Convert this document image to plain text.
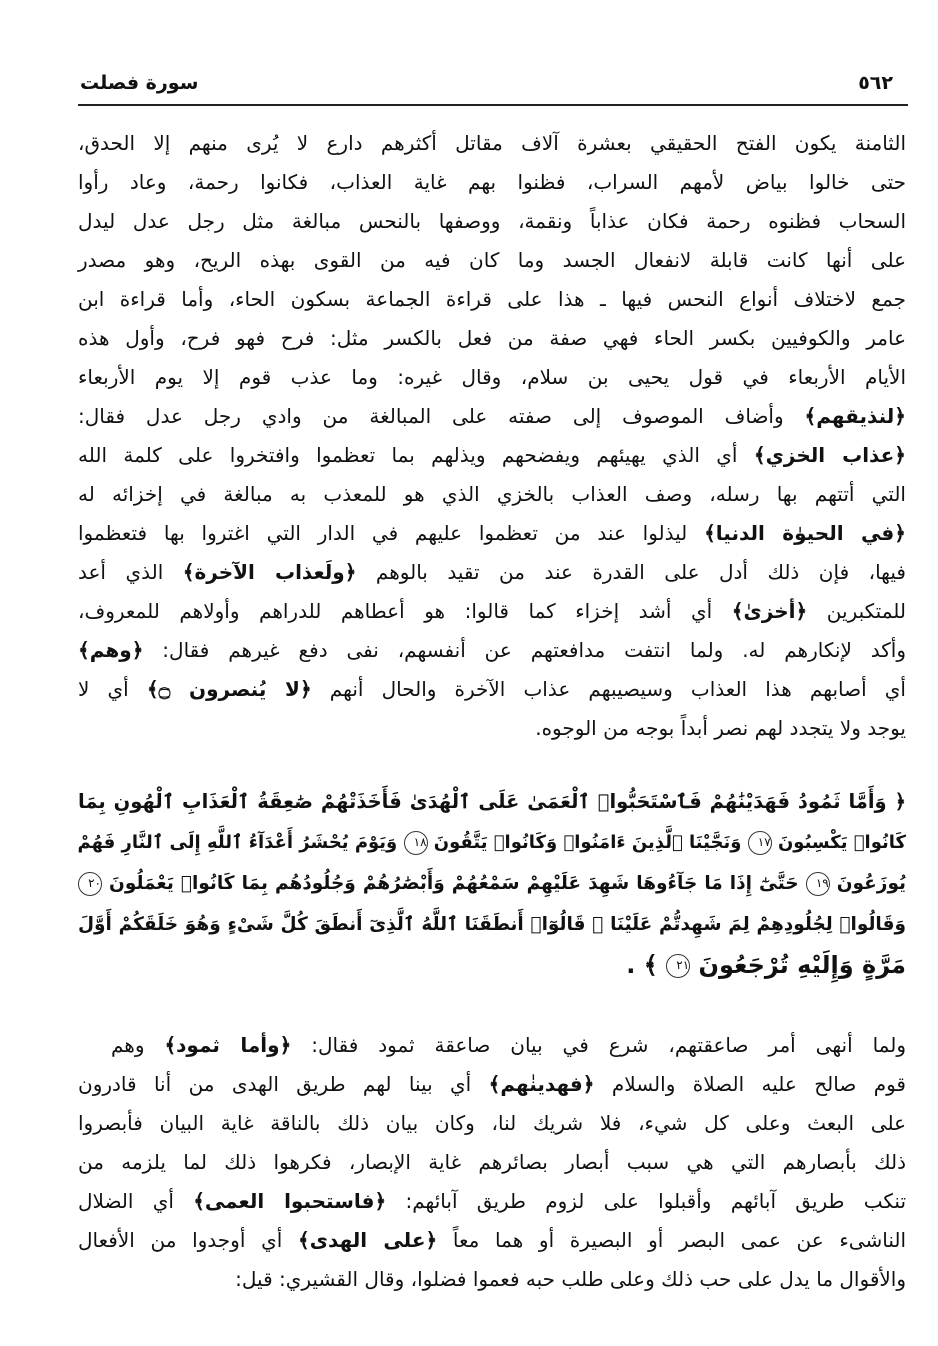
٥٦٢
سورة فصلت
الثامنة يكون الفتح الحقيقي بعشرة آلاف مقاتل أكثرهم دارع لا يُرى منهم إلا الحدق،
حتى خالوا بياض لأمهم السراب، فظنوا بهم غاية العذاب، فكانوا رحمة، وعاد رأوا
السحاب فظنوه رحمة فكان عذاباً ونقمة، ووصفها بالنحس مبالغة مثل رجل عدل ليدل
على أنها كانت قابلة لانفعال الجسد وما كان فيه من القوى بهذه الريح، وهو مصدر
جمع لاختلاف أنواع النحس فيها ـ هذا على قراءة الجماعة بسكون الحاء، وأما قراءة ابن
عامر والكوفيين بكسر الحاء فهي صفة من فعل بالكسر مثل: فرح فهو فرح، وأول هذه
الأيام الأربعاء في قول يحيى بن سلام، وقال غيره: وما عذب قوم إلا يوم الأربعاء
﴿لنذيقهم﴾ وأضاف الموصوف إلى صفته على المبالغة من وادي رجل عدل فقال:
﴿عذاب الخزي﴾ أي الذي يهيئهم ويفضحهم ويذلهم بما تعظموا وافتخروا على كلمة الله
التي أتتهم بها رسله، وصف العذاب بالخزي الذي هو للمعذب به مبالغة في إخزائه له
﴿في الحيوٰة الدنيا﴾ ليذلوا عند من تعظموا عليهم في الدار التي اغتروا بها فتعظموا
فيها، فإن ذلك أدل على القدرة عند من تقيد بالوهم ﴿ولَعذاب الآخرة﴾ الذي أعد
للمتكبرين ﴿أخزىٰ﴾ أي أشد إخزاء كما قالوا: هو أعطاهم للدراهم وأولاهم للمعروف،
وأكد لإنكارهم له. ولما انتفت مدافعتهم عن أنفسهم، نفى دفع غيرهم فقال: ﴿وهم﴾
أي أصابهم هذا العذاب وسيصيبهم عذاب الآخرة والحال أنهم ﴿لا يُنصرون ۝﴾ أي لا
يوجد ولا يتجدد لهم نصر أبداً بوجه من الوجوه.
﴿ وَأَمَّا ثَمُودُ فَهَدَيْنَٰهُمْ فَٱسْتَحَبُّوا۟ ٱلْعَمَىٰ عَلَى ٱلْهُدَىٰ فَأَخَذَتْهُمْ صَٰعِقَةُ ٱلْعَذَابِ ٱلْهُونِ بِمَا
كَانُوا۟ يَكْسِبُونَ ١٧ وَنَجَّيْنَا ٱلَّذِينَ ءَامَنُوا۟ وَكَانُوا۟ يَتَّقُونَ ١٨ وَيَوْمَ يُحْشَرُ أَعْدَآءُ ٱللَّهِ إِلَى ٱلنَّارِ فَهُمْ
يُوزَعُونَ ١٩ حَتَّىٰٓ إِذَا مَا جَآءُوهَا شَهِدَ عَلَيْهِمْ سَمْعُهُمْ وَأَبْصَٰرُهُمْ وَجُلُودُهُم بِمَا كَانُوا۟ يَعْمَلُونَ ٢٠
وَقَالُوا۟ لِجُلُودِهِمْ لِمَ شَهِدتُّمْ عَلَيْنَا ۖ قَالُوٓا۟ أَنطَقَنَا ٱللَّهُ ٱلَّذِىٓ أَنطَقَ كُلَّ شَىْءٍ وَهُوَ خَلَقَكُمْ أَوَّلَ
مَرَّةٍ وَإِلَيْهِ تُرْجَعُونَ ٢١ ﴾ .
ولما أنهى أمر صاعقتهم، شرع في بيان صاعقة ثمود فقال: ﴿وأما ثمود﴾ وهم
قوم صالح عليه الصلاة والسلام ﴿فهدينٰهم﴾ أي بينا لهم طريق الهدى من أنا قادرون
على البعث وعلى كل شيء، فلا شريك لنا، وكان بيان ذلك بالناقة غاية البيان فأبصروا
ذلك بأبصارهم التي هي سبب أبصار بصائرهم غاية الإبصار، فكرهوا ذلك لما يلزمه من
تنكب طريق آبائهم وأقبلوا على لزوم طريق آبائهم: ﴿فاستحبوا العمى﴾ أي الضلال
الناشىء عن عمى البصر أو البصيرة أو هما معاً ﴿على الهدى﴾ أي أوجدوا من الأفعال
والأقوال ما يدل على حب ذلك وعلى طلب حبه فعموا فضلوا، وقال القشيري: قيل:
